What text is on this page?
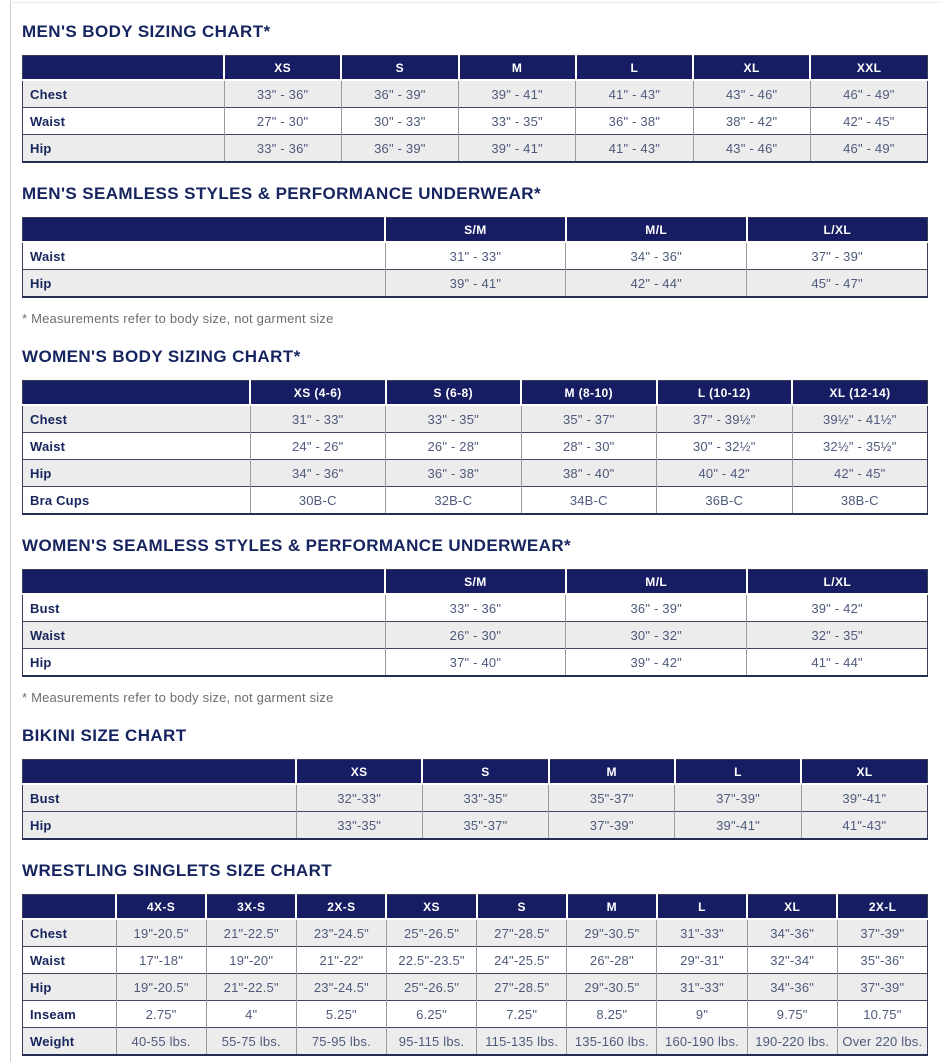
MEN'S BODY SIZING CHART*
	XS	S	M	L	XL	XXL
Chest	33" - 36"	36" - 39"	39" - 41"	41" - 43"	43" - 46"	46" - 49"
Waist	27" - 30"	30" - 33"	33" - 35"	36" - 38"	38" - 42"	42" - 45"
Hip	33" - 36"	36" - 39"	39" - 41"	41" - 43"	43" - 46"	46" - 49"
MEN'S SEAMLESS STYLES & PERFORMANCE UNDERWEAR*
	S/M	M/L	L/XL
Waist	31" - 33"	34" - 36"	37" - 39"
Hip	39" - 41"	42" - 44"	45" - 47"

* Measurements refer to body size, not garment size

WOMEN'S BODY SIZING CHART*
	XS (4-6)	S (6-8)	M (8-10)	L (10-12)	XL (12-14)
Chest	31" - 33"	33" - 35"	35" - 37"	37" - 39½"	39½" - 41½"
Waist	24" - 26"	26" - 28"	28" - 30"	30" - 32½"	32½" - 35½"
Hip	34" - 36"	36" - 38"	38" - 40"	40" - 42"	42" - 45"
Bra Cups	30B-C	32B-C	34B-C	36B-C	38B-C
WOMEN'S SEAMLESS STYLES & PERFORMANCE UNDERWEAR*
	S/M	M/L	L/XL
Bust	33" - 36"	36" - 39"	39" - 42"
Waist	26" - 30"	30" - 32"	32" - 35"
Hip	37" - 40"	39" - 42"	41" - 44"

* Measurements refer to body size, not garment size

BIKINI SIZE CHART
	XS	S	M	L	XL
Bust	32"-33"	33"-35"	35"-37"	37"-39"	39"-41"
Hip	33"-35"	35"-37"	37"-39"	39"-41"	41"-43"
WRESTLING SINGLETS SIZE CHART
	4X-S	3X-S	2X-S	XS	S	M	L	XL	2X-L
Chest	19"-20.5"	21"-22.5"	23"-24.5"	25"-26.5"	27"-28.5"	29"-30.5"	31"-33"	34"-36"	37"-39"
Waist	17"-18"	19"-20"	21"-22"	22.5"-23.5"	24"-25.5"	26"-28"	29"-31"	32"-34"	35"-36"
Hip	19"-20.5"	21"-22.5"	23"-24.5"	25"-26.5"	27"-28.5"	29"-30.5"	31"-33"	34"-36"	37"-39"
Inseam	2.75"	4"	5.25"	6.25"	7.25"	8.25"	9"	9.75"	10.75"
Weight	40-55 lbs.	55-75 lbs.	75-95 lbs.	95-115 lbs.	115-135 lbs.	135-160 lbs.	160-190 lbs.	190-220 lbs.	Over 220 lbs.
